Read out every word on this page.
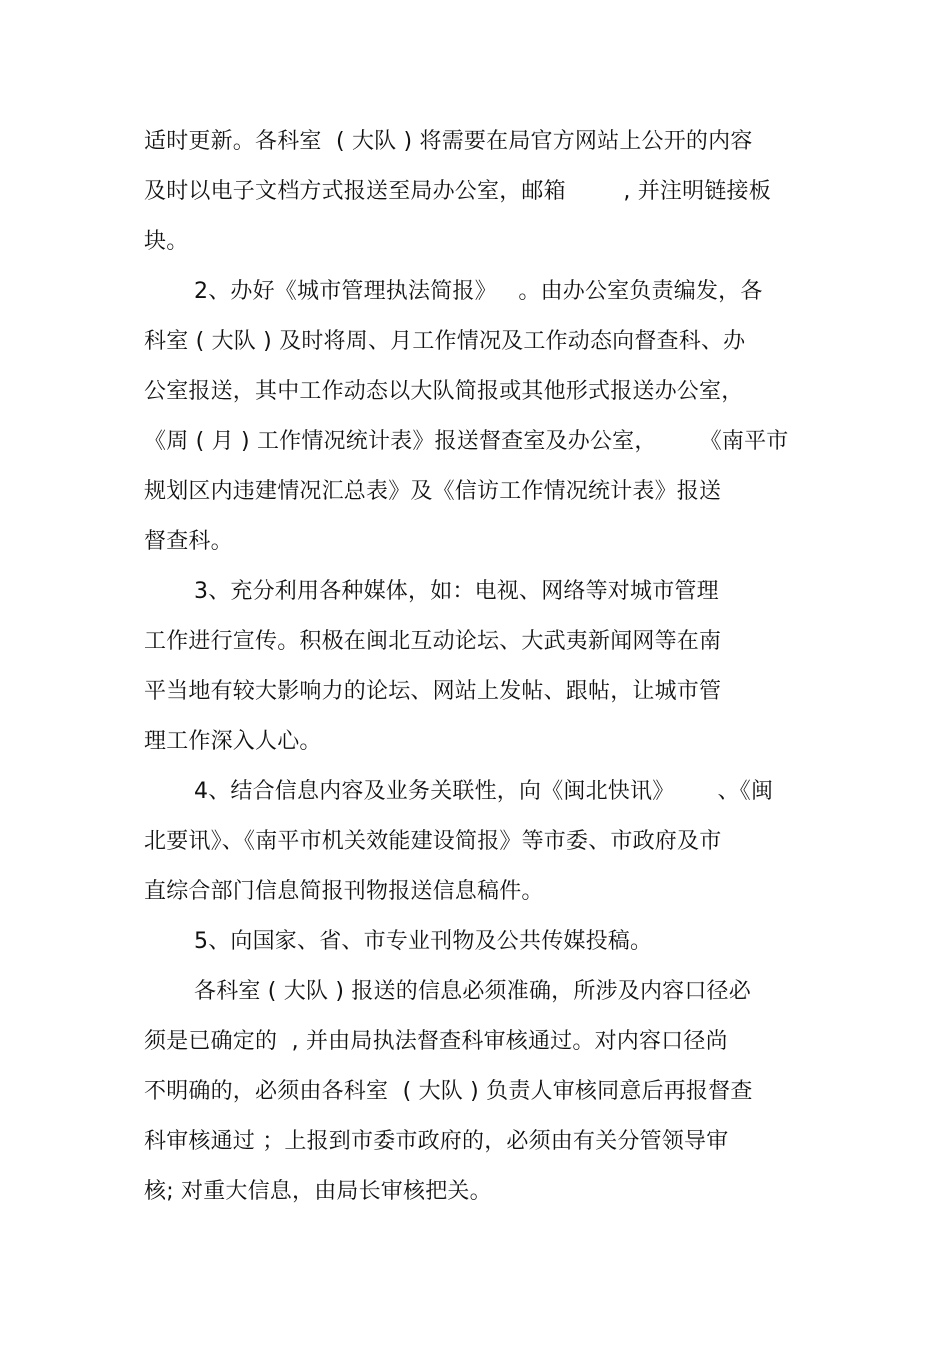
适时更新。各科室  ( 大队 ) 将需要在局官方网站上公开的内容
及时以电子文档方式报送至局办公室，邮箱        , 并注明链接板
块。
2、办好《城市管理执法简报》   。由办公室负责编发，各
科室 ( 大队 ) 及时将周、月工作情况及工作动态向督查科、办
公室报送，其中工作动态以大队简报或其他形式报送办公室，
《周 ( 月 ) 工作情况统计表》报送督查室及办公室，      《南平市
规划区内违建情况汇总表》及《信访工作情况统计表》报送
督查科。
3、充分利用各种媒体，如：电视、网络等对城市管理
工作进行宣传。积极在闽北互动论坛、大武夷新闻网等在南
平当地有较大影响力的论坛、网站上发帖、跟帖，让城市管
理工作深入人心。
4、结合信息内容及业务关联性，向《闽北快讯》      、《闽
北要讯》、《南平市机关效能建设简报》等市委、市政府及市
直综合部门信息简报刊物报送信息稿件。
5、向国家、省、市专业刊物及公共传媒投稿。
各科室 ( 大队 ) 报送的信息必须准确，所涉及内容口径必
须是已确定的  , 并由局执法督查科审核通过。对内容口径尚
不明确的，必须由各科室  ( 大队 ) 负责人审核同意后再报督查
科审核通过 ；上报到市委市政府的，必须由有关分管领导审
核; 对重大信息，由局长审核把关。
